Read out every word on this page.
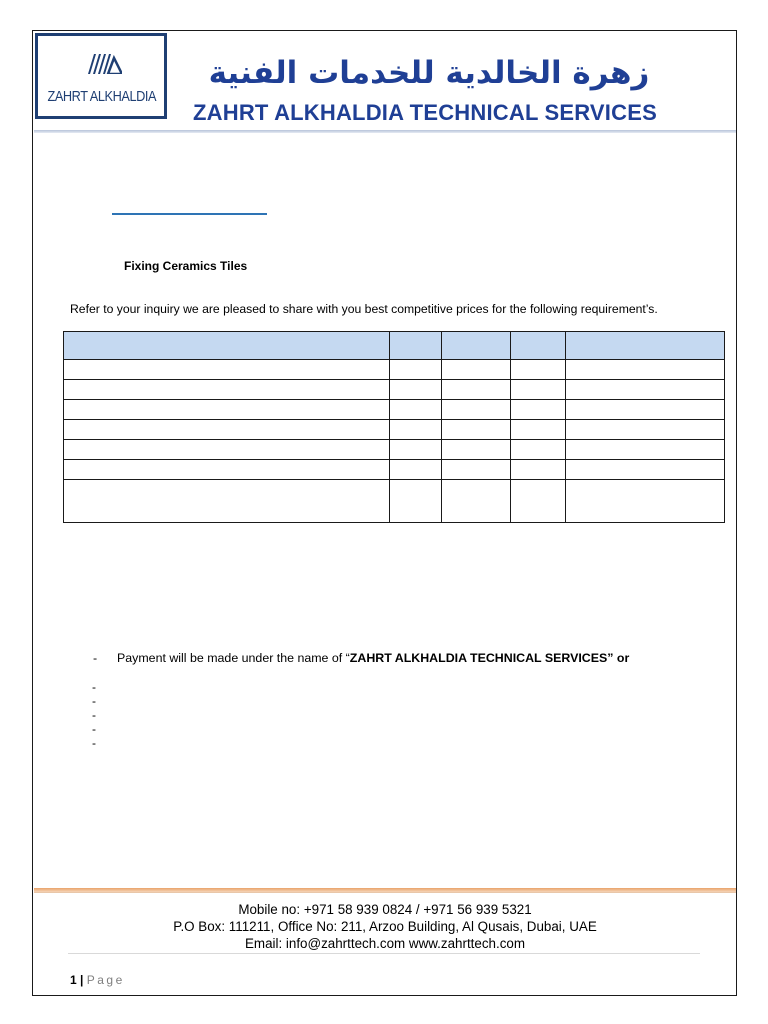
ZAHRT ALKHALDIA
زهرة الخالدية للخدمات الفنية
ZAHRT ALKHALDIA TECHNICAL SERVICES
Fixing Ceramics Tiles
Refer to your inquiry we are pleased to share with you best competitive prices for the following requirement’s.

- Payment will be made under the name of “ZAHRT ALKHALDIA TECHNICAL SERVICES” or
-
-
-
-
-
Mobile no: +971 58 939 0824 / +971 56 939 5321
P.O Box: 111211, Office No: 211, Arzoo Building, Al Qusais, Dubai, UAE
Email: info@zahrttech.com www.zahrttech.com
1 | Page
